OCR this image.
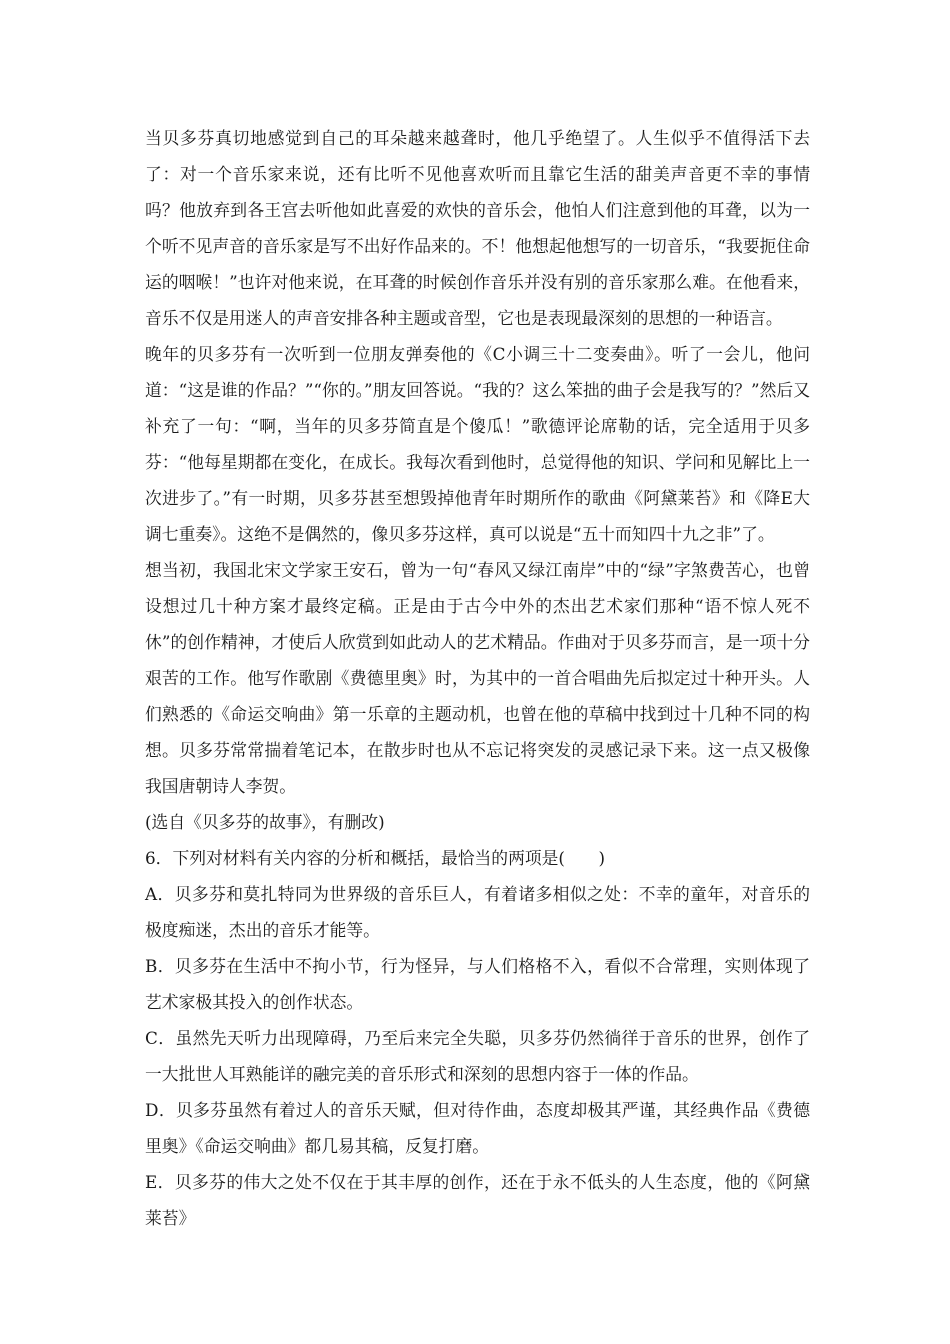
当贝多芬真切地感觉到自己的耳朵越来越聋时，他几乎绝望了。人生似乎不值得活下去了：对一个音乐家来说，还有比听不见他喜欢听而且靠它生活的甜美声音更不幸的事情吗？他放弃到各王宫去听他如此喜爱的欢快的音乐会，他怕人们注意到他的耳聋，以为一个听不见声音的音乐家是写不出好作品来的。不！他想起他想写的一切音乐，“我要扼住命运的咽喉！”也许对他来说，在耳聋的时候创作音乐并没有别的音乐家那么难。在他看来，音乐不仅是用迷人的声音安排各种主题或音型，它也是表现最深刻的思想的一种语言。

晚年的贝多芬有一次听到一位朋友弹奏他的《C小调三十二变奏曲》。听了一会儿，他问道：“这是谁的作品？”“你的。”朋友回答说。“我的？这么笨拙的曲子会是我写的？”然后又补充了一句：“啊，当年的贝多芬简直是个傻瓜！”歌德评论席勒的话，完全适用于贝多芬：“他每星期都在变化，在成长。我每次看到他时，总觉得他的知识、学问和见解比上一次进步了。”有一时期，贝多芬甚至想毁掉他青年时期所作的歌曲《阿黛莱苔》和《降E大调七重奏》。这绝不是偶然的，像贝多芬这样，真可以说是“五十而知四十九之非”了。

想当初，我国北宋文学家王安石，曾为一句“春风又绿江南岸”中的“绿”字煞费苦心，也曾设想过几十种方案才最终定稿。正是由于古今中外的杰出艺术家们那种“语不惊人死不休”的创作精神，才使后人欣赏到如此动人的艺术精品。作曲对于贝多芬而言，是一项十分艰苦的工作。他写作歌剧《费德里奥》时，为其中的一首合唱曲先后拟定过十种开头。人们熟悉的《命运交响曲》第一乐章的主题动机，也曾在他的草稿中找到过十几种不同的构想。贝多芬常常揣着笔记本，在散步时也从不忘记将突发的灵感记录下来。这一点又极像我国唐朝诗人李贺。

(选自《贝多芬的故事》，有删改)

6．下列对材料有关内容的分析和概括，最恰当的两项是(　　)

A．贝多芬和莫扎特同为世界级的音乐巨人，有着诸多相似之处：不幸的童年，对音乐的极度痴迷，杰出的音乐才能等。

B．贝多芬在生活中不拘小节，行为怪异，与人们格格不入，看似不合常理，实则体现了艺术家极其投入的创作状态。

C．虽然先天听力出现障碍，乃至后来完全失聪，贝多芬仍然徜徉于音乐的世界，创作了一大批世人耳熟能详的融完美的音乐形式和深刻的思想内容于一体的作品。

D．贝多芬虽然有着过人的音乐天赋，但对待作曲，态度却极其严谨，其经典作品《费德里奥》《命运交响曲》都几易其稿，反复打磨。

E．贝多芬的伟大之处不仅在于其丰厚的创作，还在于永不低头的人生态度，他的《阿黛莱苔》
